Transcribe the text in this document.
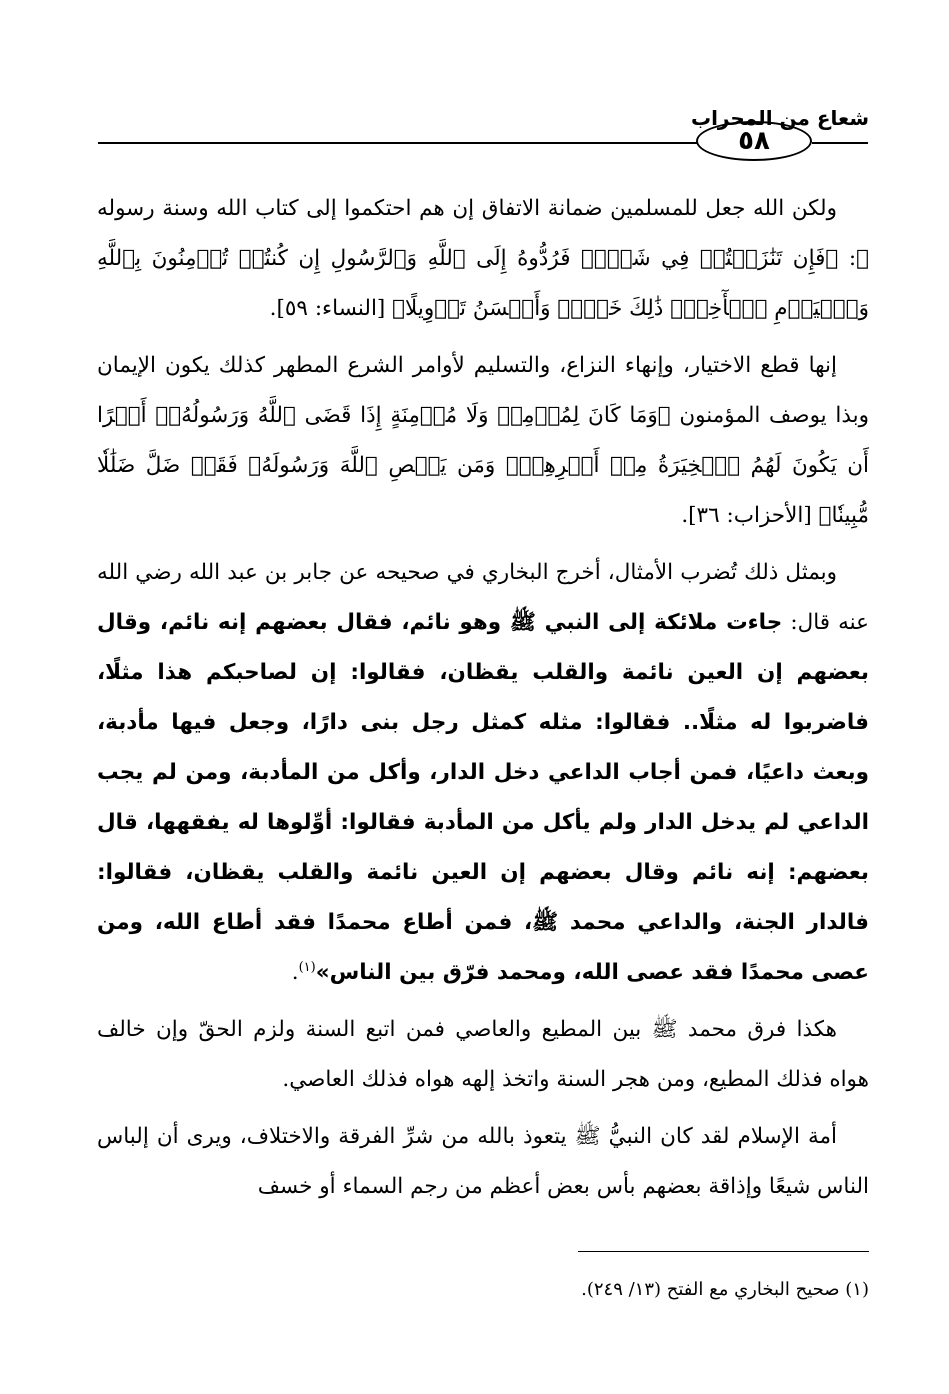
شعاع من المحراب
٥٨

ولكن الله جعل للمسلمين ضمانة الاتفاق إن هم احتكموا إلى كتاب الله وسنة رسوله ﷺ: ﴿فَإِن تَنَٰزَعۡتُمۡ فِي شَيۡءٖ فَرُدُّوهُ إِلَى ٱللَّهِ وَٱلرَّسُولِ إِن كُنتُمۡ تُؤۡمِنُونَ بِٱللَّهِ وَٱلۡيَوۡمِ ٱلۡأٓخِرِۚ ذَٰلِكَ خَيۡرٞ وَأَحۡسَنُ تَأۡوِيلًا﴾ [النساء: ٥٩].

إنها قطع الاختيار، وإنهاء النزاع، والتسليم لأوامر الشرع المطهر كذلك يكون الإيمان وبذا يوصف المؤمنون ﴿وَمَا كَانَ لِمُؤۡمِنٖ وَلَا مُؤۡمِنَةٍ إِذَا قَضَى ٱللَّهُ وَرَسُولُهُۥٓ أَمۡرًا أَن يَكُونَ لَهُمُ ٱلۡخِيَرَةُ مِنۡ أَمۡرِهِمۡۗ وَمَن يَعۡصِ ٱللَّهَ وَرَسُولَهُۥ فَقَدۡ ضَلَّ ضَلَٰلٗا مُّبِينٗا﴾ [الأحزاب: ٣٦].

وبمثل ذلك تُضرب الأمثال، أخرج البخاري في صحيحه عن جابر بن عبد الله رضي الله عنه قال: جاءت ملائكة إلى النبي ﷺ وهو نائم، فقال بعضهم إنه نائم، وقال بعضهم إن العين نائمة والقلب يقظان، فقالوا: إن لصاحبكم هذا مثلًا، فاضربوا له مثلًا.. فقالوا: مثله كمثل رجل بنى دارًا، وجعل فيها مأدبة، وبعث داعيًا، فمن أجاب الداعي دخل الدار، وأكل من المأدبة، ومن لم يجب الداعي لم يدخل الدار ولم يأكل من المأدبة فقالوا: أوِّلوها له يفقهها، قال بعضهم: إنه نائم وقال بعضهم إن العين نائمة والقلب يقظان، فقالوا: فالدار الجنة، والداعي محمد ﷺ، فمن أطاع محمدًا فقد أطاع الله، ومن عصى محمدًا فقد عصى الله، ومحمد فرّق بين الناس»$^{(١)}$.

هكذا فرق محمد ﷺ بين المطيع والعاصي فمن اتبع السنة ولزم الحقّ وإن خالف هواه فذلك المطيع، ومن هجر السنة واتخذ إلهه هواه فذلك العاصي.

أمة الإسلام لقد كان النبيُّ ﷺ يتعوذ بالله من شرِّ الفرقة والاختلاف، ويرى أن إلباس الناس شيعًا وإذاقة بعضهم بأس بعض أعظم من رجم السماء أو خسف

(١) صحيح البخاري مع الفتح (١٣/ ٢٤٩).
